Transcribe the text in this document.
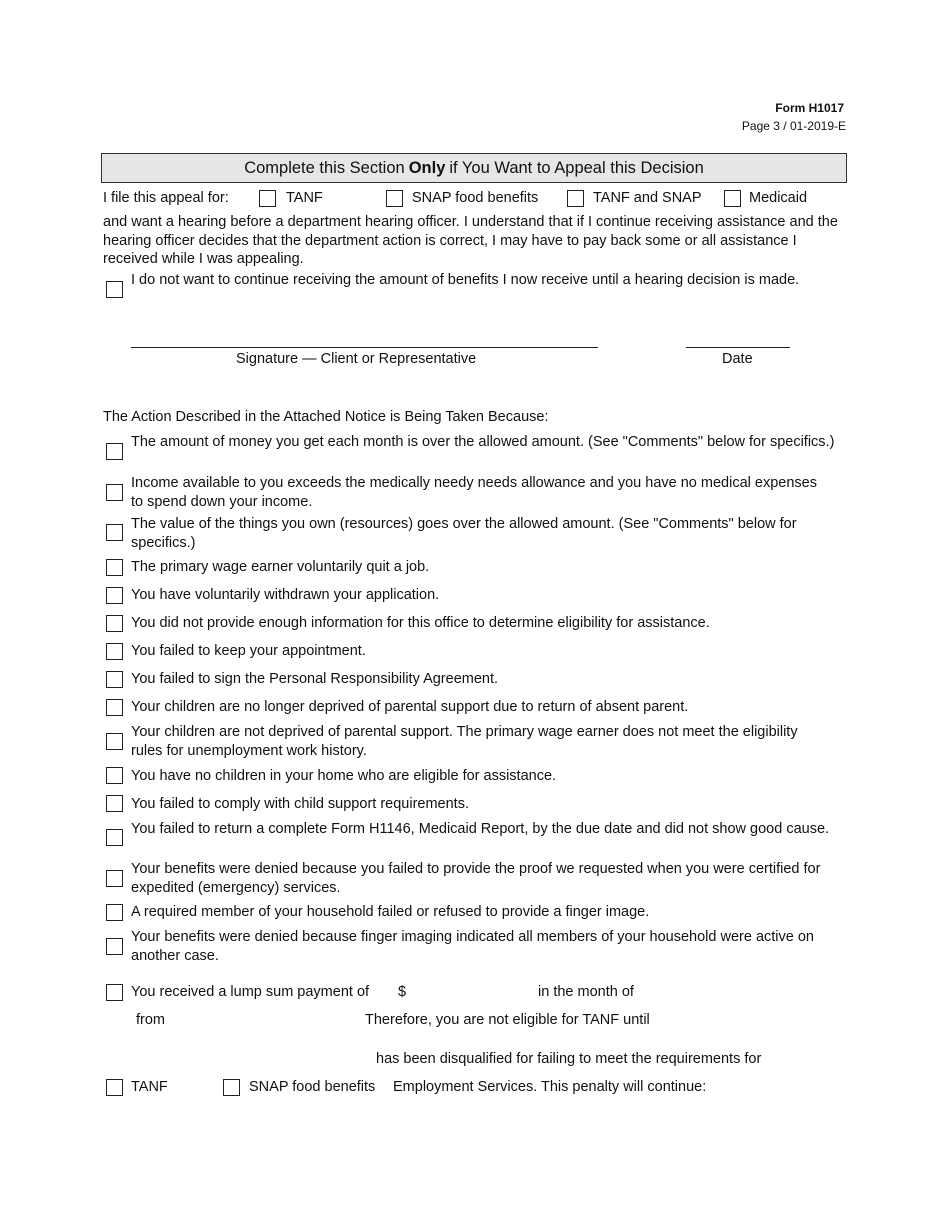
Form H1017
Page 3 / 01-2019-E
Complete this Section Only if You Want to Appeal this Decision
I file this appeal for:	TANF	SNAP food benefits	TANF and SNAP	Medicaid
and want a hearing before a department hearing officer. I understand that if I continue receiving assistance and the hearing officer decides that the department action is correct, I may have to pay back some or all assistance I received while I was appealing.
I do not want to continue receiving the amount of benefits I now receive until a hearing decision is made.
Signature — Client or Representative	Date
The Action Described in the Attached Notice is Being Taken Because:
The amount of money you get each month is over the allowed amount. (See "Comments" below for specifics.)
Income available to you exceeds the medically needy needs allowance and you have no medical expenses to spend down your income.
The value of the things you own (resources) goes over the allowed amount. (See "Comments" below for specifics.)
The primary wage earner voluntarily quit a job.
You have voluntarily withdrawn your application.
You did not provide enough information for this office to determine eligibility for assistance.
You failed to keep your appointment.
You failed to sign the Personal Responsibility Agreement.
Your children are no longer deprived of parental support due to return of absent parent.
Your children are not deprived of parental support. The primary wage earner does not meet the eligibility rules for unemployment work history.
You have no children in your home who are eligible for assistance.
You failed to comply with child support requirements.
You failed to return a complete Form H1146, Medicaid Report, by the due date and did not show good cause.
Your benefits were denied because you failed to provide the proof we requested when you were certified for expedited (emergency) services.
A required member of your household failed or refused to provide a finger image.
Your benefits were denied because finger imaging indicated all members of your household were active on another case.
You received a lump sum payment of $	in the month of
from	Therefore, you are not eligible for TANF until
has been disqualified for failing to meet the requirements for
TANF	SNAP food benefits Employment Services. This penalty will continue:
